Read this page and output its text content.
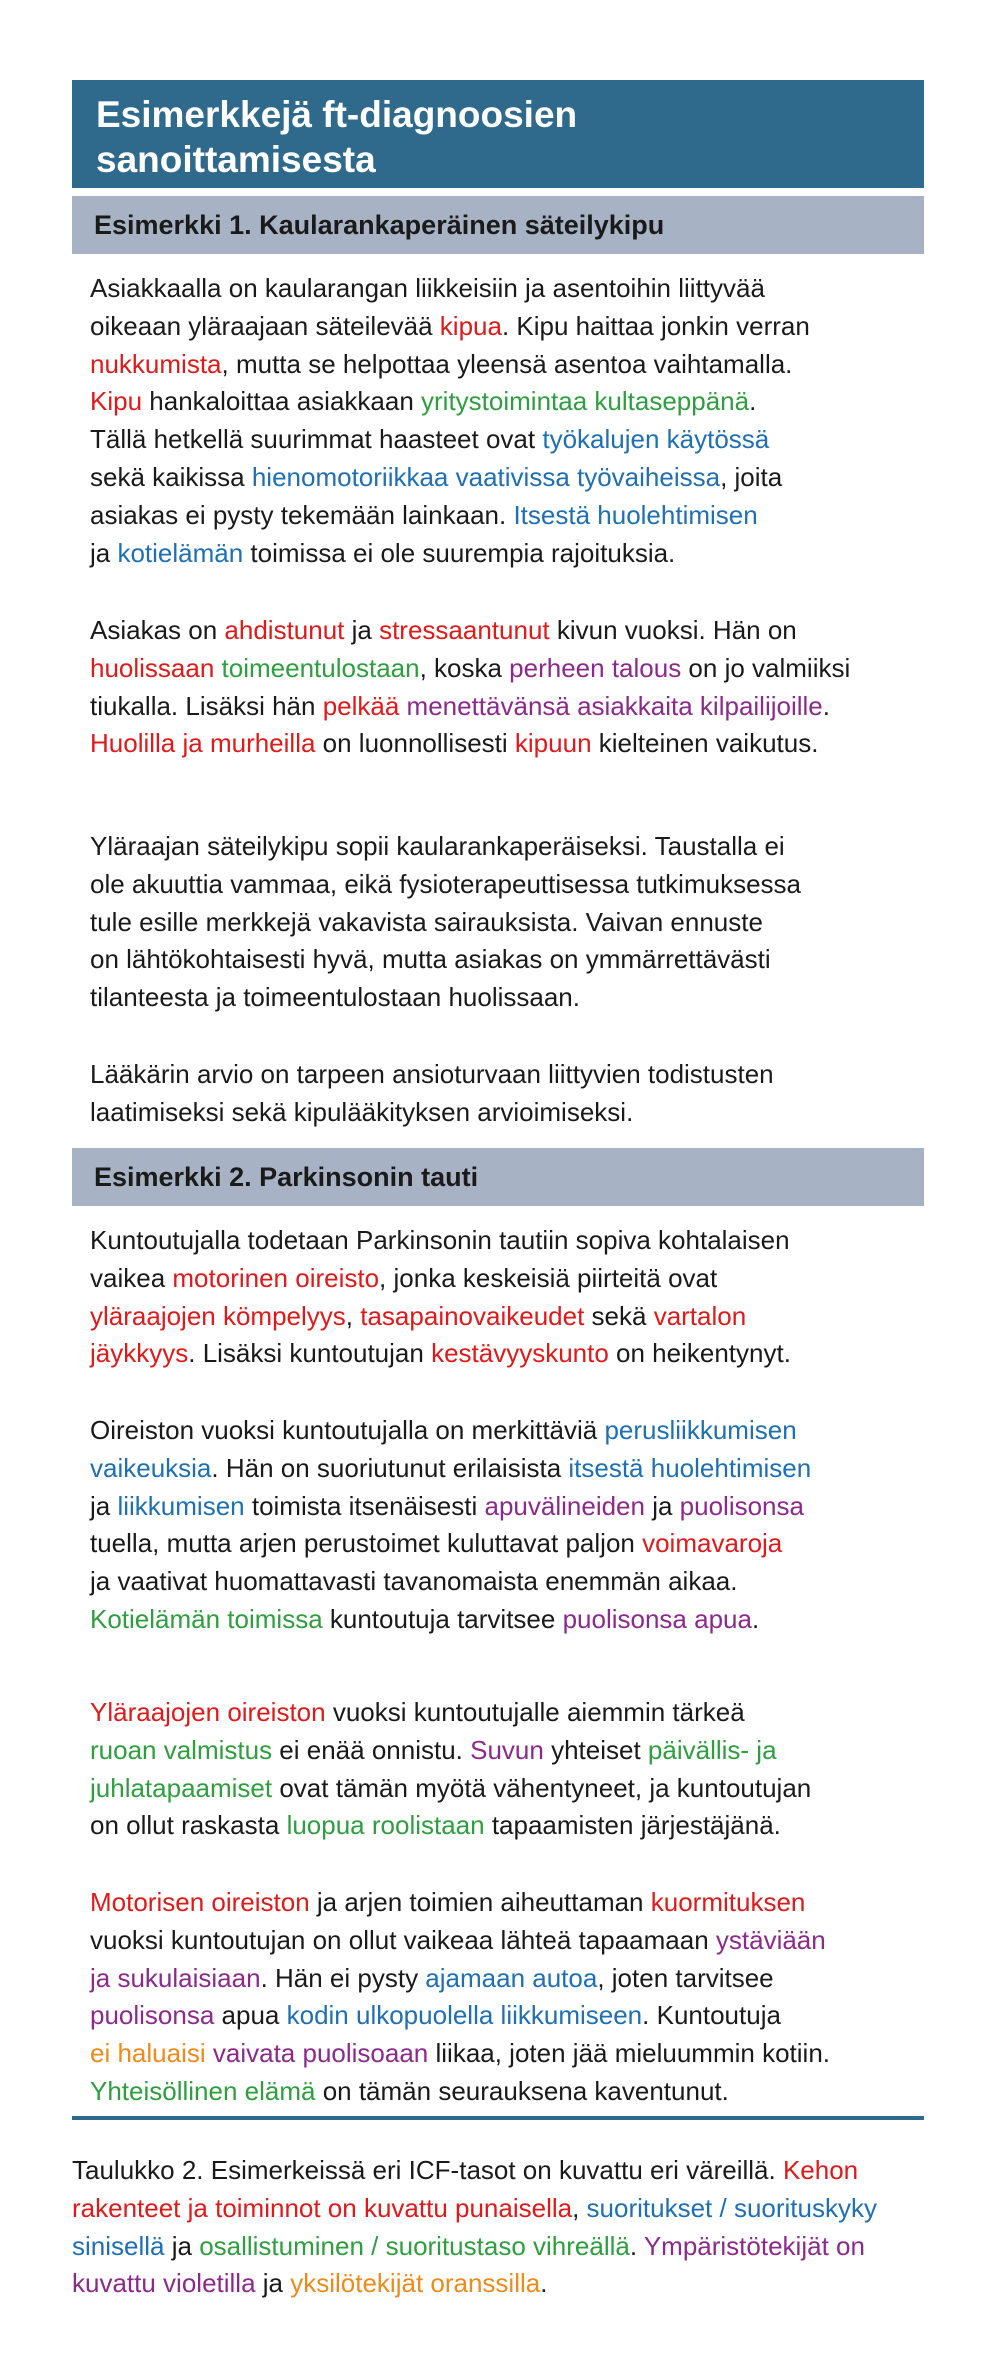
Esimerkkejä ft-diagnoosien
sanoittamisesta
Esimerkki 1. Kaularankaperäinen säteilykipu
Asiakkaalla on kaularangan liikkeisiin ja asentoihin liittyvää
oikeaan yläraajaan säteilevää kipua. Kipu haittaa jonkin verran
nukkumista, mutta se helpottaa yleensä asentoa vaihtamalla.
Kipu hankaloittaa asiakkaan yritystoimintaa kultaseppänä.
Tällä hetkellä suurimmat haasteet ovat työkalujen käytössä
sekä kaikissa hienomotoriikkaa vaativissa työvaiheissa, joita
asiakas ei pysty tekemään lainkaan. Itsestä huolehtimisen
ja kotielämän toimissa ei ole suurempia rajoituksia.
Asiakas on ahdistunut ja stressaantunut kivun vuoksi. Hän on
huolissaan toimeentulostaan, koska perheen talous on jo valmiiksi
tiukalla. Lisäksi hän pelkää menettävänsä asiakkaita kilpailijoille.
Huolilla ja murheilla on luonnollisesti kipuun kielteinen vaikutus.
Yläraajan säteilykipu sopii kaularankaperäiseksi. Taustalla ei
ole akuuttia vammaa, eikä fysioterapeuttisessa tutkimuksessa
tule esille merkkejä vakavista sairauksista. Vaivan ennuste
on lähtökohtaisesti hyvä, mutta asiakas on ymmärrettävästi
tilanteesta ja toimeentulostaan huolissaan.
Lääkärin arvio on tarpeen ansioturvaan liittyvien todistusten
laatimiseksi sekä kipulääkityksen arvioimiseksi.
Esimerkki 2. Parkinsonin tauti
Kuntoutujalla todetaan Parkinsonin tautiin sopiva kohtalaisen
vaikea motorinen oireisto, jonka keskeisiä piirteitä ovat
yläraajojen kömpelyys, tasapainovaikeudet sekä vartalon
jäykkyys. Lisäksi kuntoutujan kestävyyskunto on heikentynyt.
Oireiston vuoksi kuntoutujalla on merkittäviä perusliikkumisen
vaikeuksia. Hän on suoriutunut erilaisista itsestä huolehtimisen
ja liikkumisen toimista itsenäisesti apuvälineiden ja puolisonsa
tuella, mutta arjen perustoimet kuluttavat paljon voimavaroja
ja vaativat huomattavasti tavanomaista enemmän aikaa.
Kotielämän toimissa kuntoutuja tarvitsee puolisonsa apua.
Yläraajojen oireiston vuoksi kuntoutujalle aiemmin tärkeä
ruoan valmistus ei enää onnistu. Suvun yhteiset päivällis- ja
juhlatapaamiset ovat tämän myötä vähentyneet, ja kuntoutujan
on ollut raskasta luopua roolistaan tapaamisten järjestäjänä.
Motorisen oireiston ja arjen toimien aiheuttaman kuormituksen
vuoksi kuntoutujan on ollut vaikeaa lähteä tapaamaan ystäviään
ja sukulaisiaan. Hän ei pysty ajamaan autoa, joten tarvitsee
puolisonsa apua kodin ulkopuolella liikkumiseen. Kuntoutuja
ei haluaisi vaivata puolisoaan liikaa, joten jää mieluummin kotiin.
Yhteisöllinen elämä on tämän seurauksena kaventunut.
Taulukko 2. Esimerkeissä eri ICF-tasot on kuvattu eri väreillä. Kehon
rakenteet ja toiminnot on kuvattu punaisella, suoritukset / suorituskyky
sinisellä ja osallistuminen / suoritustaso vihreällä. Ympäristötekijät on
kuvattu violetilla ja yksilötekijät oranssilla.
